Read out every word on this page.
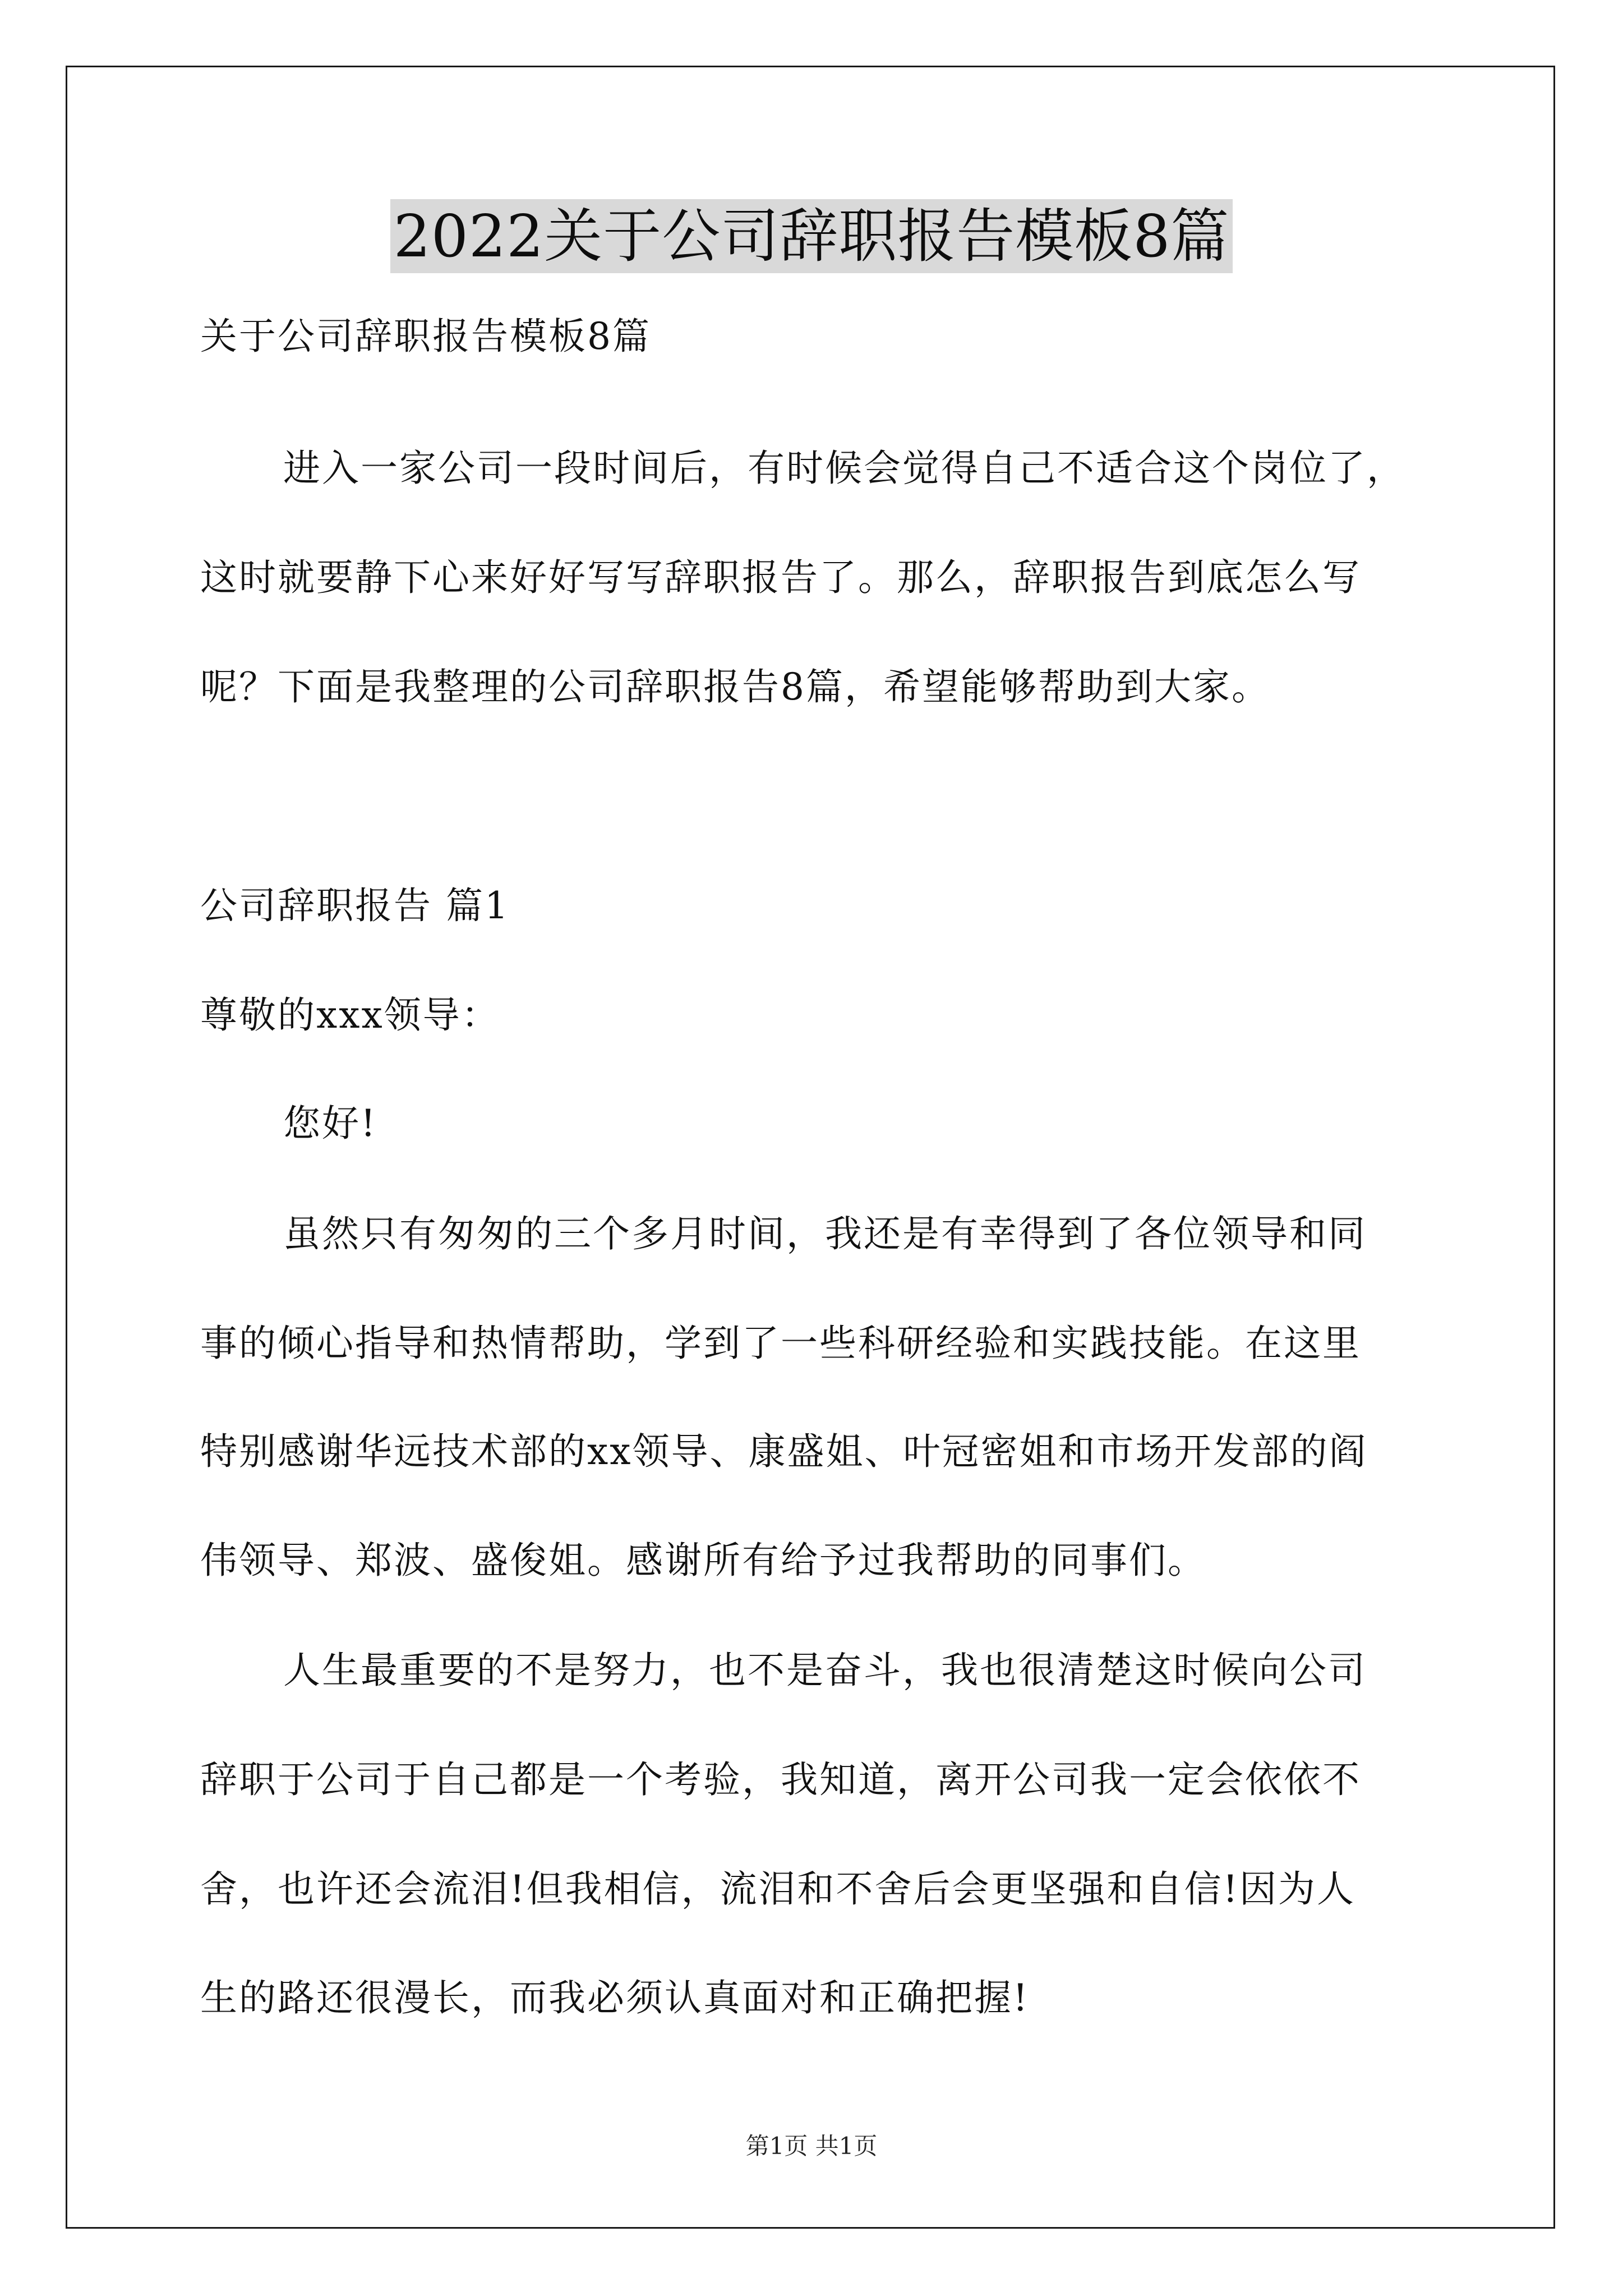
2022关于公司辞职报告模板8篇
关于公司辞职报告模板8篇
进入一家公司一段时间后，有时候会觉得自己不适合这个岗位了，
这时就要静下心来好好写写辞职报告了。那么，辞职报告到底怎么写
呢？下面是我整理的公司辞职报告8篇，希望能够帮助到大家。
公司辞职报告 篇1
尊敬的xxx领导：
您好!
虽然只有匆匆的三个多月时间，我还是有幸得到了各位领导和同
事的倾心指导和热情帮助，学到了一些科研经验和实践技能。在这里
特别感谢华远技术部的xx领导、康盛姐、叶冠密姐和市场开发部的阎
伟领导、郑波、盛俊姐。感谢所有给予过我帮助的同事们。
人生最重要的不是努力，也不是奋斗，我也很清楚这时候向公司
辞职于公司于自己都是一个考验，我知道，离开公司我一定会依依不
舍，也许还会流泪!但我相信，流泪和不舍后会更坚强和自信!因为人
生的路还很漫长，而我必须认真面对和正确把握!
第1页 共1页
